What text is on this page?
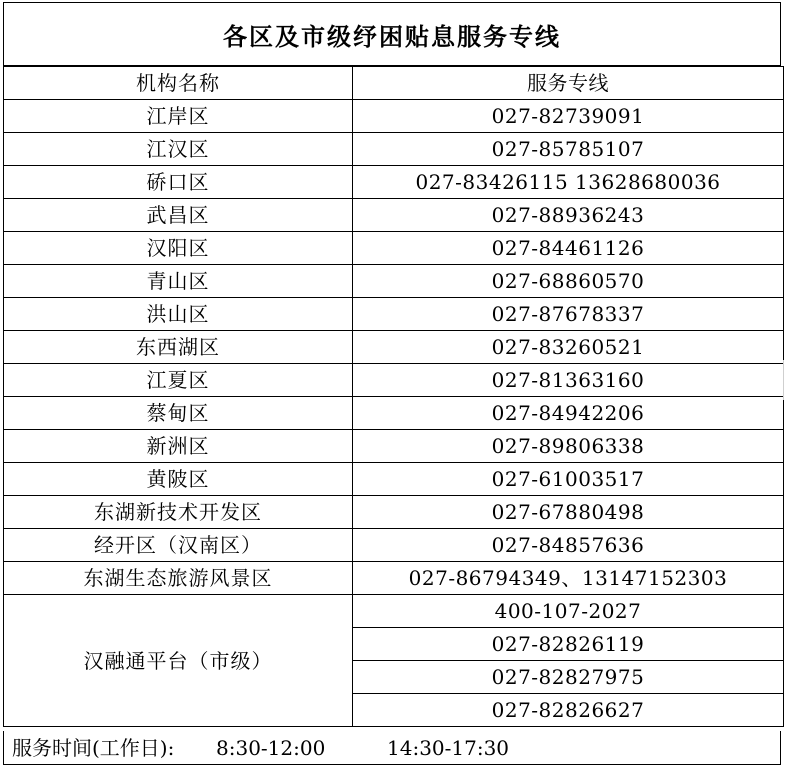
各区及市级纾困贴息服务专线
机构名称	服务专线
江岸区	027-82739091
江汉区	027-85785107
硚口区	027-83426115 13628680036
武昌区	027-88936243
汉阳区	027-84461126
青山区	027-68860570
洪山区	027-87678337
东西湖区	027-83260521
江夏区	027-81363160
蔡甸区	027-84942206
新洲区	027-89806338
黄陂区	027-61003517
东湖新技术开发区	027-67880498
经开区（汉南区）	027-84857636
东湖生态旅游风景区	027-86794349、13147152303
汉融通平台（市级）	400-107-2027
	027-82826119
	027-82827975
	027-82826627
服务时间(工作日): 8:30-12:00	14:30-17:30
